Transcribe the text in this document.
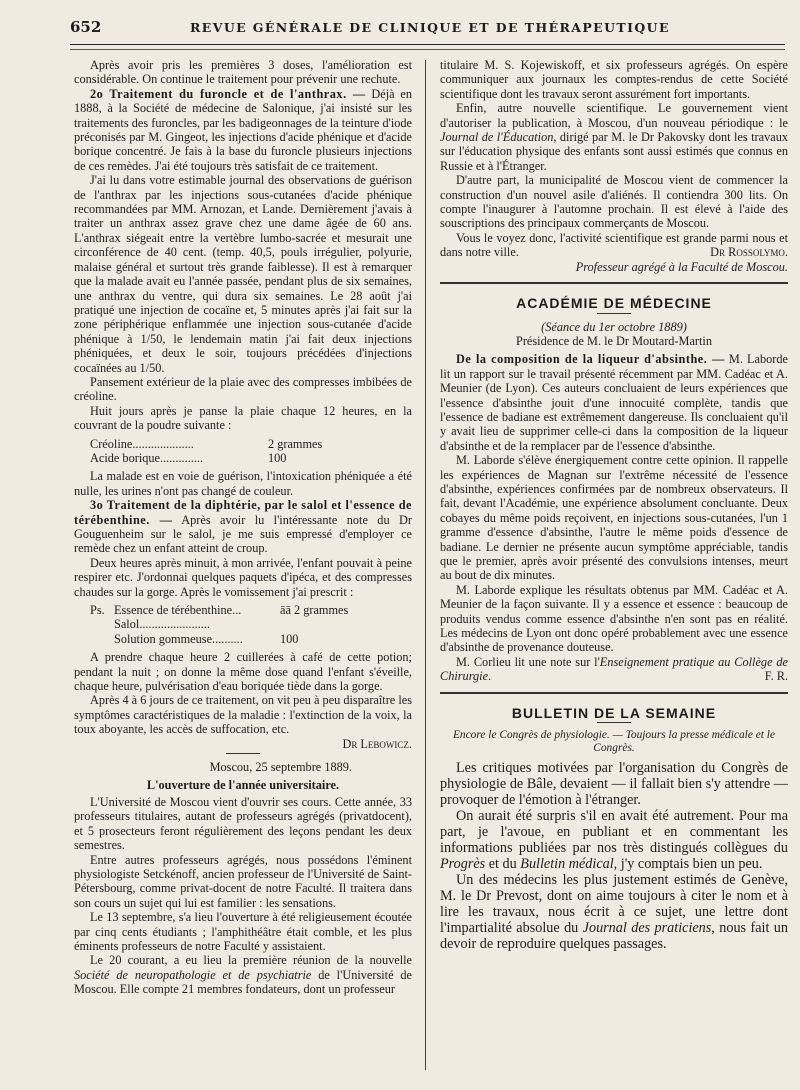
652	REVUE GÉNÉRALE DE CLINIQUE ET DE THÉRAPEUTIQUE

Après avoir pris les premières 3 doses, l'amélioration est considérable. On continue le traitement pour prévenir une rechute.

2o Traitement du furoncle et de l'anthrax. — Déjà en 1888, à la Société de médecine de Salonique, j'ai insisté sur les traitements des furoncles, par les badigeonnages de la teinture d'iode préconisés par M. Gingeot, les injections d'acide phénique et d'acide borique concentré. Je fais à la base du furoncle plusieurs injections de ces remèdes. J'ai été toujours très satisfait de ce traitement.

J'ai lu dans votre estimable journal des observations de guérison de l'anthrax par les injections sous-cutanées d'acide phénique recommandées par MM. Arnozan, et Lande. Dernièrement j'avais à traiter un anthrax assez grave chez une dame âgée de 60 ans. L'anthrax siégeait entre la vertèbre lumbo-sacrée et mesurait une circonférence de 40 cent. (temp. 40,5, pouls irrégulier, polyurie, malaise général et surtout très grande faiblesse). Il est à remarquer que la malade avait eu l'année passée, pendant plus de six semaines, une anthrax du ventre, qui dura six semaines. Le 28 août j'ai pratiqué une injection de cocaïne et, 5 minutes après j'ai fait sur la zone périphérique enflammée une injection sous-cutanée d'acide phénique à 1/50, le lendemain matin j'ai fait deux injections phéniquées, et deux le soir, toujours précédées d'injections cocaïnées au 1/50.

Pansement extérieur de la plaie avec des compresses imbibées de créoline.

Huit jours après je panse la plaie chaque 12 heures, en la couvrant de la poudre suivante :

Créoline....................	2 grammes
Acide borique..............	100

La malade est en voie de guérison, l'intoxication phéniquée a été nulle, les urines n'ont pas changé de couleur.

3o Traitement de la diphtérie, par le salol et l'essence de térébenthine. — Après avoir lu l'intéressante note du Dr Gouguenheim sur le salol, je me suis empressé d'employer ce remède chez un enfant atteint de croup.

Deux heures après minuit, à mon arrivée, l'enfant pouvait à peine respirer etc. J'ordonnai quelques paquets d'ipéca, et des compresses chaudes sur la gorge. Après le vomissement j'ai prescrit :

Ps. Essence de térébenthine...	āā 2 grammes
Salol.......................
Solution gommeuse..........	100

A prendre chaque heure 2 cuillerées à café de cette potion; pendant la nuit ; on donne la même dose quand l'enfant s'éveille, chaque heure, pulvérisation d'eau boriquée tiède dans la gorge.

Après 4 à 6 jours de ce traitement, on vit peu à peu disparaître les symptômes caractéristiques de la maladie : l'extinction de la voix, la toux aboyante, les accès de suffocation, etc.

Dr Lebowicz.

Moscou, 25 septembre 1889.

L'ouverture de l'année universitaire.

L'Université de Moscou vient d'ouvrir ses cours. Cette année, 33 professeurs titulaires, autant de professeurs agrégés (privatdocent), et 5 prosecteurs feront régulièrement des leçons pendant les deux semestres.

Entre autres professeurs agrégés, nous possédons l'éminent physiologiste Setckénoff, ancien professeur de l'Université de Saint-Pétersbourg, comme privat-docent de notre Faculté. Il traitera dans son cours un sujet qui lui est familier : les sensations.

Le 13 septembre, s'a lieu l'ouverture à été religieusement écoutée par cinq cents étudiants ; l'amphithéâtre était comble, et les plus éminents professeurs de notre Faculté y assistaient.

Le 20 courant, a eu lieu la première réunion de la nouvelle Société de neuropathologie et de psychiatrie de l'Université de Moscou. Elle compte 21 membres fondateurs, dont un professeur

titulaire M. S. Kojewiskoff, et six professeurs agrégés. On espère communiquer aux journaux les comptes-rendus de cette Société scientifique dont les travaux seront assurément fort importants.

Enfin, autre nouvelle scientifique. Le gouvernement vient d'autoriser la publication, à Moscou, d'un nouveau périodique : le Journal de l'Éducation, dirigé par M. le Dr Pakovsky dont les travaux sur l'éducation physique des enfants sont aussi estimés que connus en Russie et à l'Étranger.

D'autre part, la municipalité de Moscou vient de commencer la construction d'un nouvel asile d'aliénés. Il contiendra 300 lits. On compte l'inaugurer à l'automne prochain. Il est élevé à l'aide des souscriptions des principaux commerçants de Moscou.

Vous le voyez donc, l'activité scientifique est grande parmi nous et dans notre ville.	Dr Rossolymo.

Professeur agrégé à la Faculté de Moscou.

ACADÉMIE DE MÉDECINE

(Séance du 1er octobre 1889)

Présidence de M. le Dr Moutard-Martin

De la composition de la liqueur d'absinthe. — M. Laborde lit un rapport sur le travail présenté récemment par MM. Cadéac et A. Meunier (de Lyon). Ces auteurs concluaient de leurs expériences que l'essence d'absinthe jouit d'une innocuité complète, tandis que l'essence de badiane est extrêmement dangereuse. Ils concluaient qu'il y avait lieu de supprimer celle-ci dans la composition de la liqueur d'absinthe et de la remplacer par de l'essence d'absinthe.

M. Laborde s'élève énergiquement contre cette opinion. Il rappelle les expériences de Magnan sur l'extrême nécessité de l'essence d'absinthe, expériences confirmées par de nombreux observateurs. Il fait, devant l'Académie, une expérience absolument concluante. Deux cobayes du même poids reçoivent, en injections sous-cutanées, l'un 1 gramme d'essence d'absinthe, l'autre le même poids d'essence de badiane. Le dernier ne présente aucun symptôme appréciable, tandis que le premier, après avoir présenté des convulsions intenses, meurt au bout de dix minutes.

M. Laborde explique les résultats obtenus par MM. Cadéac et A. Meunier de la façon suivante. Il y a essence et essence : beaucoup de produits vendus comme essence d'absinthe n'en sont pas en réalité. Les médecins de Lyon ont donc opéré probablement avec une essence d'absinthe de provenance douteuse.

M. Corlieu lit une note sur l'Enseignement pratique au Collège de Chirurgie.	F. R.

BULLETIN DE LA SEMAINE

Encore le Congrès de physiologie. — Toujours la presse médicale et le Congrès.

Les critiques motivées par l'organisation du Congrès de physiologie de Bâle, devaient — il fallait bien s'y attendre — provoquer de l'émotion à l'étranger.

On aurait été surpris s'il en avait été autrement. Pour ma part, je l'avoue, en publiant et en commentant les informations publiées par nos très distingués collègues du Progrès et du Bulletin médical, j'y comptais bien un peu.

Un des médecins les plus justement estimés de Genève, M. le Dr Prevost, dont on aime toujours à citer le nom et à lire les travaux, nous écrit à ce sujet, une lettre dont l'impartialité absolue du Journal des praticiens, nous fait un devoir de reproduire quelques passages.
